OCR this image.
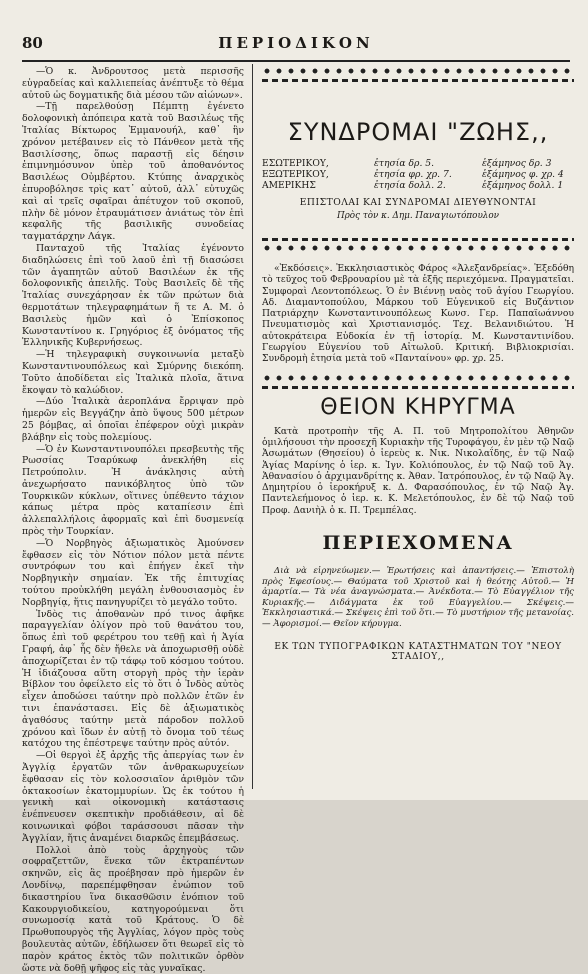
80	ΠΕΡΙΟΔΙΚΟΝ

—Ὁ κ. Ἀνδρουτσος μετὰ περισσῆς εὐγραδείας καὶ καλλιεπείας ἀνέπτυξε τὸ θέμα αὐτοῦ ὡς δογματικῆς διὰ μέσου τῶν αἰώνων».

—Τῇ παρελθούσῃ Πέμπτῃ ἐγένετο δολοφονικὴ ἀπόπειρα κατὰ τοῦ Βασιλέως τῆς Ἰταλίας Βίκτωρος Ἐμμανουήλ, καθ᾽ ἣν χρόνον μετέβαινεν εἰς τὸ Πάνθεον μετὰ τῆς Βασιλίσσης, ὅπως παραστῇ εἰς δέησιν ἐπιμνημόσυνον ὑπὲρ τοῦ ἀποθανόντος Βασιλέως Οὐμβέρτου. Κτύπης ἀναρχικὸς ἐπυροβόλησε τρὶς κατ᾽ αὐτοῦ, ἀλλ᾽ εὐτυχῶς καὶ αἱ τρεῖς σφαῖραι ἀπέτυχον τοῦ σκοποῦ, πλὴν δὲ μόνον ἐτραυμάτισεν ἀνιάτως τὸν ἐπὶ κεφαλῆς τῆς βασιλικῆς συνοδείας ταγματάρχην Λάγκ.

Πανταχοῦ τῆς Ἰταλίας ἐγένοντο διαδηλώσεις ἐπὶ τοῦ λαοῦ ἐπὶ τῇ διασώσει τῶν ἀγαπητῶν αὐτοῦ Βασιλέων ἐκ τῆς δολοφονικῆς ἀπειλῆς. Τοὺς Βασιλεῖς δὲ τῆς Ἰταλίας συνεχάρησαν ἐκ τῶν πρώτων διὰ θερμοτάτων τηλεγραφημάτων ἥ τε Α. Μ. ὁ Βασιλεὺς ἡμῶν καὶ ὁ Ἐπίσκοπος Κωνσταντίνου κ. Γρηγόριος ἐξ ὀνόματος τῆς Ἑλληνικῆς Κυβερνήσεως.

—Ἡ τηλεγραφικὴ συγκοινωνία μεταξὺ Κωνσταντινουπόλεως καὶ Σμύρνης διεκόπη. Τοῦτο ἀποδίδεται εἰς Ἰταλικὰ πλοῖα, ἅτινα ἔκοψαν τὸ καλώδιον.

—Δύο Ἰταλικὰ ἀεροπλάνα ἔρριψαν πρὸ ἡμερῶν εἰς Βεγγάζην ἀπὸ ὕψους 500 μέτρων 25 βόμβας, αἱ ὁποῖαι ἐπέφερον οὐχὶ μικρὰν βλάβην εἰς τοὺς πολεμίους.

—Ὁ ἐν Κωνσταντινουπόλει πρεσβευτὴς τῆς Ρωσσίας Τσαρύκωφ ἀνεκλήθη εἰς Πετρούπολιν. Ἡ ἀνάκλησις αὐτὴ ἀνεχωρήσατο πανικόβλητος ὑπὸ τῶν Τουρκικῶν κύκλων, οἵτινες ὑπέθεντο τάχιον κάπως μέτρα πρὸς καταπίεσιν ἐπὶ ἀλλεπαλλήλοις ἀφορμαῖς καὶ ἐπὶ δυσμενείᾳ πρὸς τὴν Τουρκίαν.

—Ὁ Νορβηγὸς ἀξιωματικὸς Ἀμούνσεν ἔφθασεν εἰς τὸν Νότιον πόλον μετὰ πέντε συντρόφων του καὶ ἐπήγεν ἐκεῖ τὴν Νορβηγικὴν σημαίαν. Ἐκ τῆς ἐπιτυχίας τούτου προὐκλήθη μεγάλη ἐνθουσιασμὸς ἐν Νορβηγίᾳ, ἥτις πανηγυρίζει τὸ μεγάλο τοῦτο.

Ἰνδὸς τις ἀποθανὼν πρό τινος ἀφῆκε παραγγελίαν ὀλίγον πρὸ τοῦ θανάτου του, ὅπως ἐπὶ τοῦ φερέτρου του τεθῇ καὶ ἡ Ἁγία Γραφή, ἀφ᾽ ἧς δὲν ἤθελε νὰ ἀποχωρισθῇ οὐδὲ ἀποχωρίζεται ἐν τῷ τάφῳ τοῦ κόσμου τούτου. Ἡ ἰδιάζουσα αὕτη στοργὴ πρὸς τὴν ἱερὰν Βίβλον του ὀφείλετο εἰς τὸ ὅτι ὁ Ἰνδὸς αὐτὸς εἶχεν ἀποδώσει ταύτην πρὸ πολλῶν ἐτῶν ἐν τινι ἐπανάστασει. Εἰς δὲ ἀξιωματικὸς ἀγαθόσυς ταύτην μετὰ πάροδον πολλοῦ χρόνου καὶ ἴδων ἐν αὐτῇ τὸ ὄνομα τοῦ τέως κατόχου της ἐπέστρεψε ταύτην πρὸς αὐτόν.

—Οἱ θεργοὶ ἐξ ἀρχῆς τῆς ἀπεργίας των ἐν Ἀγγλίᾳ ἐργατῶν τῶν ἀνθρακωρυχείων ἔφθασαν εἰς τὸν κολοσσιαῖον ἀριθμὸν τῶν ὀκτακοσίων ἑκατομμυρίων. Ὡς ἐκ τούτου ἡ γενικὴ καὶ οἰκονομικὴ κατάστασις ἐνέπνευσεν σκεπτικὴν προδιάθεσιν, αἱ δὲ κοινωνικαὶ φόβοι ταράσσουσι πᾶσαν τὴν Ἀγγλίαν, ἥτις ἀναμένει διαρκῶς ἐπεμβάσεως.

Πολλοὶ ἀπὸ τοὺς ἀρχηγοὺς τῶν σοφραζεττῶν, ἕνεκα τῶν ἐκτραπέντων σκηνῶν, εἰς ἃς προέβησαν πρὸ ἡμερῶν ἐν Λονδίνῳ, παρεπέμφθησαν ἐνώπιον τοῦ δικαστηρίου ἵνα δικασθῶσιν ἐνόπιον τοῦ Κακουργιοδικείου, κατηγορούμεναι ὅτι συνωμοσίᾳ κατὰ τοῦ Κράτους. Ὁ δὲ Πρωθυπουργὸς τῆς Ἀγγλίας, λόγον πρὸς τοὺς βουλευτὰς αὐτῶν, ἐδήλωσεν ὅτι θεωρεῖ εἰς τὸ παρὸν κράτος ἐκτὸς τῶν πολιτικῶν ὀρθὸν ὥστε νὰ δοθῇ ψῆφος εἰς τὰς γυναῖκας.

ΣΥΝΔΡΟΜΑΙ "ΖΩΗΣ,,
ΕΣΩΤΕΡΙΚΟΥ,	ἐτησία δρ. 5.	ἑξάμηνος δρ. 3
ΕΞΩΤΕΡΙΚΟΥ,	ἐτησία φρ. χρ. 7.	ἑξάμηνος φ. χρ. 4
ΑΜΕΡΙΚΗΣ	ἐτησία δολλ. 2.	ἑξάμηνος δολλ. 1
ΕΠΙΣΤΟΛΑΙ ΚΑΙ ΣΥΝΔΡΟΜΑΙ ΔΙΕΥΘΥΝΟΝΤΑΙ
Πρὸς τὸν κ. Δημ. Παναγιωτόπουλον

«Ἐκδόσεις». Ἐκκλησιαστικὸς Φάρος «Ἀλεξανδρείας». Ἐξεδόθη τὸ τεῦχος τοῦ Φεβρουαρίου μὲ τὰ ἑξῆς περιεχόμενα. Πραγματεῖαι. Συμφοραὶ Λεοντοπόλεως. Ὁ ἐν Βιέννῃ ναὸς τοῦ ἁγίου Γεωργίου. Αδ. Διαμαντοπούλου, Μάρκου τοῦ Εὐγενικοῦ εἰς Βυζάντιον Πατριάρχην Κωνσταντινουπόλεως Κωνσ. Γερ. Παπαϊωάννου Πνευματισμὸς καὶ Χριστιανισμός. Τεχ. Βελανιδιώτου. Ἡ αὐτοκράτειρα Εὐδοκία ἐν τῇ ἱστορίᾳ. Μ. Κωνσταντινίδου. Γεωργίου Εὐγενίου τοῦ Αἰτωλοῦ. Κριτική. Βιβλιοκρισίαι. Συνδρομὴ ἐτησία μετὰ τοῦ «Πανταίνου» φρ. χρ. 25.

ΘΕΙΟΝ ΚΗΡΥΓΜΑ

Κατὰ προτροπὴν τῆς Α. Π. τοῦ Μητροπολίτου Ἀθηνῶν ὁμιλήσουσι τὴν προσεχῆ Κυριακὴν τῆς Τυροφάγου, ἐν μὲν τῷ Ναῷ Ἀσωμάτων (Θησείου) ὁ ἱερεὺς κ. Νικ. Νικολαΐδης, ἐν τῷ Ναῷ Ἁγίας Μαρίνης ὁ ἱερ. κ. Ἰγν. Κολιόπουλος, ἐν τῷ Ναῷ τοῦ Ἁγ. Ἀθανασίου ὁ ἀρχιμανδρίτης κ. Ἀθαν. Ἰατρόπουλος, ἐν τῷ Ναῷ Ἁγ. Δημητρίου ὁ ἱεροκήρυξ κ. Δ. Φαρασόπουλος, ἐν τῷ Ναῷ Ἁγ. Παντελεήμονος ὁ ἱερ. κ. Κ. Μελετόπουλος, ἐν δὲ τῷ Ναῷ τοῦ Προφ. Δανιὴλ ὁ κ. Π. Τρεμπέλας.

ΠΕΡΙΕΧΟΜΕΝΑ

Διὰ νὰ εἰρηνεύωμεν.— Ἐρωτήσεις καὶ ἀπαντήσεις.— Ἐπιστολὴ πρὸς Ἐφεσίους.— Θαύματα τοῦ Χριστοῦ καὶ ἡ θεότης Αὐτοῦ.— Ἡ ἁμαρτία.— Τὰ νέα ἀναγνώσματα.— Ἀνέκδοτα.— Τὸ Εὐαγγέλιον τῆς Κυριακῆς.— Διδάγματα ἐκ τοῦ Εὐαγγελίου.— Σκέψεις.— Ἐκκλησιαστικά.— Σκέψεις ἐπὶ τοῦ ὅτι.— Τὸ μυστήριον τῆς μετανοίας.— Ἀφορισμοί.— Θεῖον κήρυγμα.

ΕΚ ΤΩΝ ΤΥΠΟΓΡΑΦΙΚΩΝ ΚΑΤΑΣΤΗΜΑΤΩΝ ΤΟΥ "ΝΕΟΥ ΣΤΑΔΙΟΥ,,
